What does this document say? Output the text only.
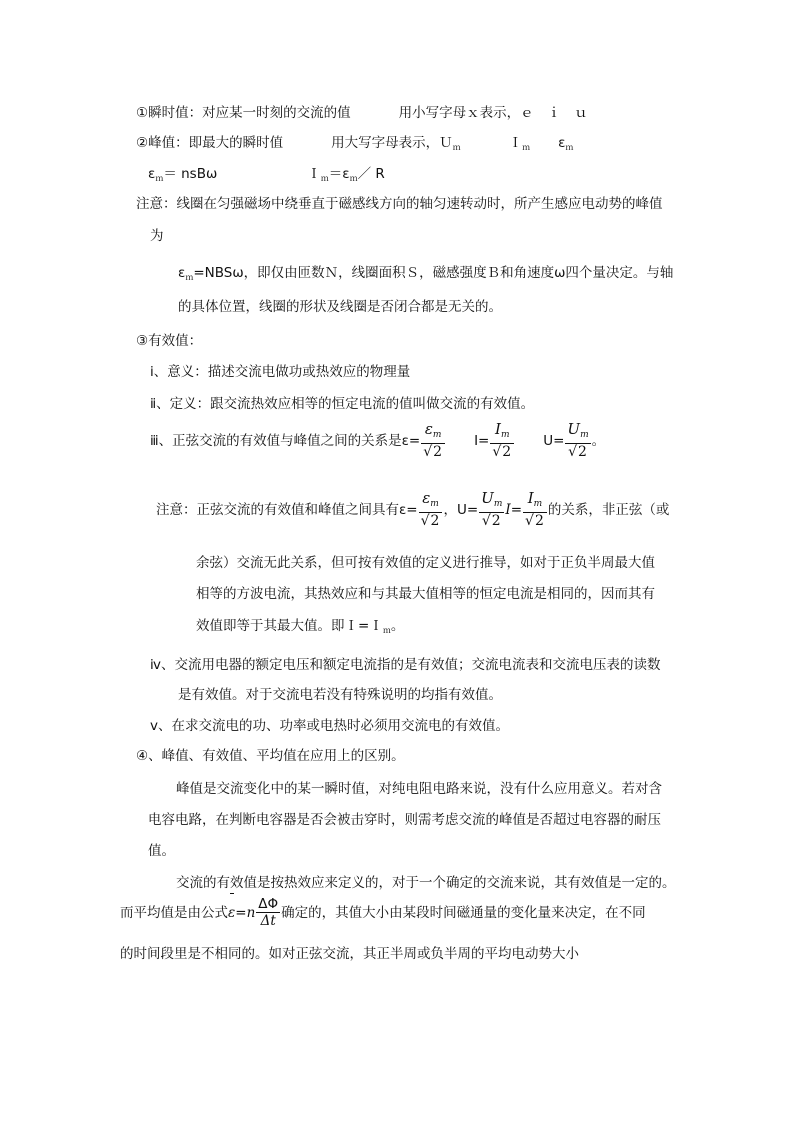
①瞬时值：对应某一时刻的交流的值	用小写字母ｘ表示，ｅ　ｉ　ｕ
②峰值：即最大的瞬时值	用大写字母表示，Ｕ$_m$	Ｉ$_m$ $\varepsilon_m$
$\varepsilon_m= nsB\omega$	$I_m=\varepsilon_m/$ R
注意：线圈在匀强磁场中绕垂直于磁感线方向的轴匀速转动时，所产生感应电动势的峰值
为
$\varepsilon_m=NBS\omega$，即仅由匝数Ｎ，线圈面积Ｓ，磁感强度Ｂ和角速度ω四个量决定。与轴
的具体位置，线圈的形状及线圈是否闭合都是无关的。
③有效值：
ⅰ、意义：描述交流电做功或热效应的物理量
ⅱ、定义：跟交流热效应相等的恒定电流的值叫做交流的有效值。
ⅲ、正弦交流的有效值与峰值之间的关系是$\varepsilon= \frac{\varepsilon_m}{√2} I= \frac{I_m}{√2} U= \frac{U_m}{√2}$ 。
注意：正弦交流的有效值和峰值之间具有$\varepsilon= \frac{\varepsilon_m}{√2}$ ，$U= \frac{U_m}{√2} I= \frac{I_m}{√2}$ 的关系，非正弦（或
余弦）交流无此关系，但可按有效值的定义进行推导，如对于正负半周最大值
相等的方波电流，其热效应和与其最大值相等的恒定电流是相同的，因而其有
效值即等于其最大值。即Ｉ=Ｉ$_m$。
ⅳ、交流用电器的额定电压和额定电流指的是有效值；交流电流表和交流电压表的读数
是有效值。对于交流电若没有特殊说明的均指有效值。
ⅴ、在求交流电的功、功率或电热时必须用交流电的有效值。
④、峰值、有效值、平均值在应用上的区别。
峰值是交流变化中的某一瞬时值，对纯电阻电路来说，没有什么应用意义。若对含
电容电路，在判断电容器是否会被击穿时，则需考虑交流的峰值是否超过电容器的耐压
值。
交流的有效值是按热效应来定义的，对于一个确定的交流来说，其有效值是一定的。
而平均值是由公式$\varepsilon=n \frac{\Delta\Phi}{\Delta t}$ 确定的，其值大小由某段时间磁通量的变化量来决定，在不同
的时间段里是不相同的。如对正弦交流，其正半周或负半周的平均电动势大小
